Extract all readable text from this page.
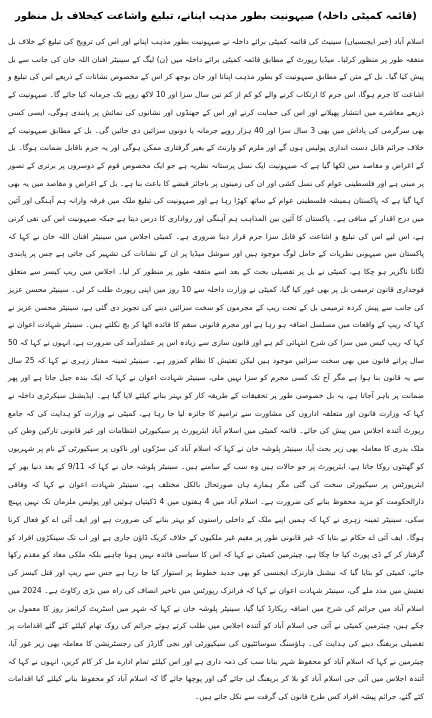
(قائمہ کمیٹی داخلہ) صیہونیت بطور مذہب اپنانے، تبلیغ واشاعت کیخلاف بل منظور

اسلام آباد (خبر ایجنسیاں) سینیٹ کی قائمہ کمیٹی برائے داخلہ نے صیہونیت بطور مذہب اپنانے اور اس کی ترویج کی تبلیغ کے خلاف بل متفقہ طور پر منظور کرلیا۔ میڈیا رپورٹ کے مطابق قائمہ کمیٹی برائے داخلہ میں (ن) لیگ کے سینیٹر افنان اللہ خان کی جانب سے بل پیش کیا گیا۔ بل کے متن کے مطابق صیہونیت کو بطور مذہب اپنانا اور جان بوجھ کر اس کے مخصوص نشانات کے ذریعے اس کی تبلیغ و اشاعت کا جرم ہوگا، اس جرم کا ارتکاب کرنے والے کو کم از کم تین سال سزا اور 10 لاکھ روپے تک جرمانہ کیا جائے گا۔ صیہونیت کے ذریعے معاشرے میں انتشار پھیلانے اور اس کی حمایت کرنے اور اس کے جھنڈوں اور نشانوں کی نمائش پر پابندی ہوگی، ایسی کسی بھی سرگرمی کی پاداش میں بھی 3 سال سزا اور 40 ہزار روپے جرمانہ یا دونوں سزائیں دی جائیں گی۔ بل کے مطابق صیہونیت کے خلاف جرائم قابل دست اندازی پولیس ہوں گے اور ملزم کو وارنٹ کے بغیر گرفتاری ممکن ہوگی اور یہ جرم ناقابل ضمانت ہوگا۔ بل کے اغراض و مقاصد میں لکھا گیا ہے کہ صیہونیت ایک نسل پرستانہ نظریہ ہے جو ایک مخصوص قوم کے دوسروں پر برتری کے تصور پر مبنی ہے اور فلسطینی عوام کی نسل کشی اور ان کی زمینوں پر ناجائز قبضے کا باعث بنا ہے۔ بل کے اغراض و مقاصد میں یہ بھی کہا گیا ہے کہ پاکستان ہمیشہ فلسطینی عوام کے ساتھ کھڑا رہا ہے اور صیہونیت کی تبلیغ ملک میں فرقہ وارانہ ہم آہنگی اور آئین میں درج اقدار کے منافی ہے۔ پاکستان کا آئین بین المذاہب ہم آہنگی اور رواداری کا درس دیتا ہے جبکہ صیہونیت اس کی نفی کرتی ہے، اس لیے اس کی تبلیغ و اشاعت کو قابل سزا جرم قرار دینا ضروری ہے۔ کمیٹی اجلاس میں سینیٹر افنان اللہ خان نے کہا کہ پاکستان میں صیہونی نظریات کے حامل لوگ موجود ہیں اور سوشل میڈیا پر ان کے نشانات کی تشہیر کی جاتی ہے جس پر پابندی لگانا ناگزیر ہو چکا ہے، کمیٹی نے بل پر تفصیلی بحث کے بعد اسے متفقہ طور پر منظور کر لیا۔ اجلاس میں ریپ کیسز سے متعلق فوجداری قانون ترمیمی بل پر بھی غور کیا گیا، کمیٹی نے وزارت داخلہ سے 10 روز میں اپنی رپورٹ طلب کر لی۔ سینیٹر محسن عزیز کی جانب سے پیش کردہ ترمیمی بل کے تحت ریپ کے مجرموں کو سخت سزائیں دینے کی تجویز دی گئی ہے، سینیٹر محسن عزیز نے کہا کہ ریپ کے واقعات میں مسلسل اضافہ ہو رہا ہے اور مجرم قانونی سقم کا فائدہ اٹھا کر بچ نکلتے ہیں۔ سینیٹر شہادت اعوان نے کہا کہ ریپ کیس میں سزا کی شرح انتہائی کم ہے اور قانون سازی سے زیادہ اس پر عملدرآمد کی ضرورت ہے، انہوں نے کہا کہ 50 سال پرانے قانون میں بھی سخت سزائیں موجود ہیں لیکن تفتیش کا نظام کمزور ہے۔ سینیٹر ثمینہ ممتاز زہری نے کہا کہ 25 سال سے یہ قانون بنا ہوا ہے مگر آج تک کسی مجرم کو سزا نہیں ملی، سینیٹر شہادت اعوان نے کہا کہ ایک بندہ جیل جاتا ہے اور پھر ضمانت پر باہر آجاتا ہے، یہ بل خصوصی طور پر تحقیقات کے طریقہ کار کو بہتر بنانے کیلئے لایا گیا ہے۔ ایڈیشنل سیکرٹری داخلہ نے کہا کہ وزارت قانون اور متعلقہ اداروں کی مشاورت سے ترامیم کا جائزہ لیا جا رہا ہے، کمیٹی نے وزارت کو ہدایت کی کہ جامع رپورٹ آئندہ اجلاس میں پیش کی جائے۔ قائمہ کمیٹی میں اسلام آباد ایئرپورٹ پر سیکیورٹی انتظامات اور غیر قانونی تارکین وطن کی ملک بدری کا معاملہ بھی زیر بحث آیا، سینیٹر پلوشہ خان نے کہا کہ اسلام آباد کی سڑکوں اور ناکوں پر سیکیورٹی کے نام پر شہریوں کو گھنٹوں روکا جاتا ہے، ایئرپورٹ پر جو حالات ہیں وہ سب کے سامنے ہیں۔ سینیٹر پلوشہ خان نے کہا کہ 9/11 کے بعد دنیا بھر کے ایئرپورٹس پر سیکیورٹی سخت کی گئی مگر ہمارے ہاں صورتحال بالکل مختلف ہے، سینیٹر شہادت اعوان نے کہا کہ وفاقی دارالحکومت کو مزید محفوظ بنانے کی ضرورت ہے۔ اسلام آباد میں 4 ہفتوں میں 4 ڈکیتیاں ہوئیں اور پولیس ملزمان تک نہیں پہنچ سکی، سینیٹر ثمینہ زہری نے کہا کہ ہمیں اپنے ملک کے داخلی راستوں کو بہتر بنانے کی ضرورت ہے اور ایف آئی اے کو فعال کرنا ہوگا۔ ایف آئی اے حکام نے بتایا کہ غیر قانونی طور پر مقیم غیر ملکیوں کے خلاف کریک ڈاؤن جاری ہے اور اب تک سینکڑوں افراد کو گرفتار کر کے ڈی پورٹ کیا جا چکا ہے، چیئرمین کمیٹی نے کہا کہ اس کا سیاسی فائدہ نہیں ہونا چاہیے بلکہ ملکی مفاد کو مقدم رکھا جائے، کمیٹی کو بتایا گیا کہ نیشنل فارنزک ایجنسی کو بھی جدید خطوط پر استوار کیا جا رہا ہے جس سے ریپ اور قتل کیسز کی تفتیش میں مدد ملے گی، سینیٹر شہادت اعوان نے کہا کہ فرانزک رپورٹس میں تاخیر انصاف کی راہ میں بڑی رکاوٹ ہے۔ 2024 میں اسلام آباد میں جرائم کی شرح میں اضافہ ریکارڈ کیا گیا، سینیٹر پلوشہ خان نے کہا کہ شہر میں اسٹریٹ کرائمز روز کا معمول بن چکے ہیں، چیئرمین کمیٹی نے آئی جی اسلام آباد کو آئندہ اجلاس میں طلب کرتے ہوئے جرائم کی روک تھام کیلئے کئے گئے اقدامات پر تفصیلی بریفنگ دینے کی ہدایت کی۔ ہاؤسنگ سوسائٹیوں کی سیکیورٹی اور نجی گارڈز کی رجسٹریشن کا معاملہ بھی زیر غور آیا، چیئرمین نے کہا کہ اسلام آباد کو محفوظ شہر بنانا سب کی ذمہ داری ہے اور اس کیلئے تمام ادارے مل کر کام کریں، انہوں نے کہا کہ آئندہ اجلاس میں آئی جی اسلام آباد کو بلا کر بریفنگ لی جائے گی اور پوچھا جائے گا کہ اسلام آباد کو محفوظ بنانے کیلئے کیا اقدامات کئے گئے، جرائم پیشہ افراد کس طرح قانون کی گرفت سے نکل جاتے ہیں۔
